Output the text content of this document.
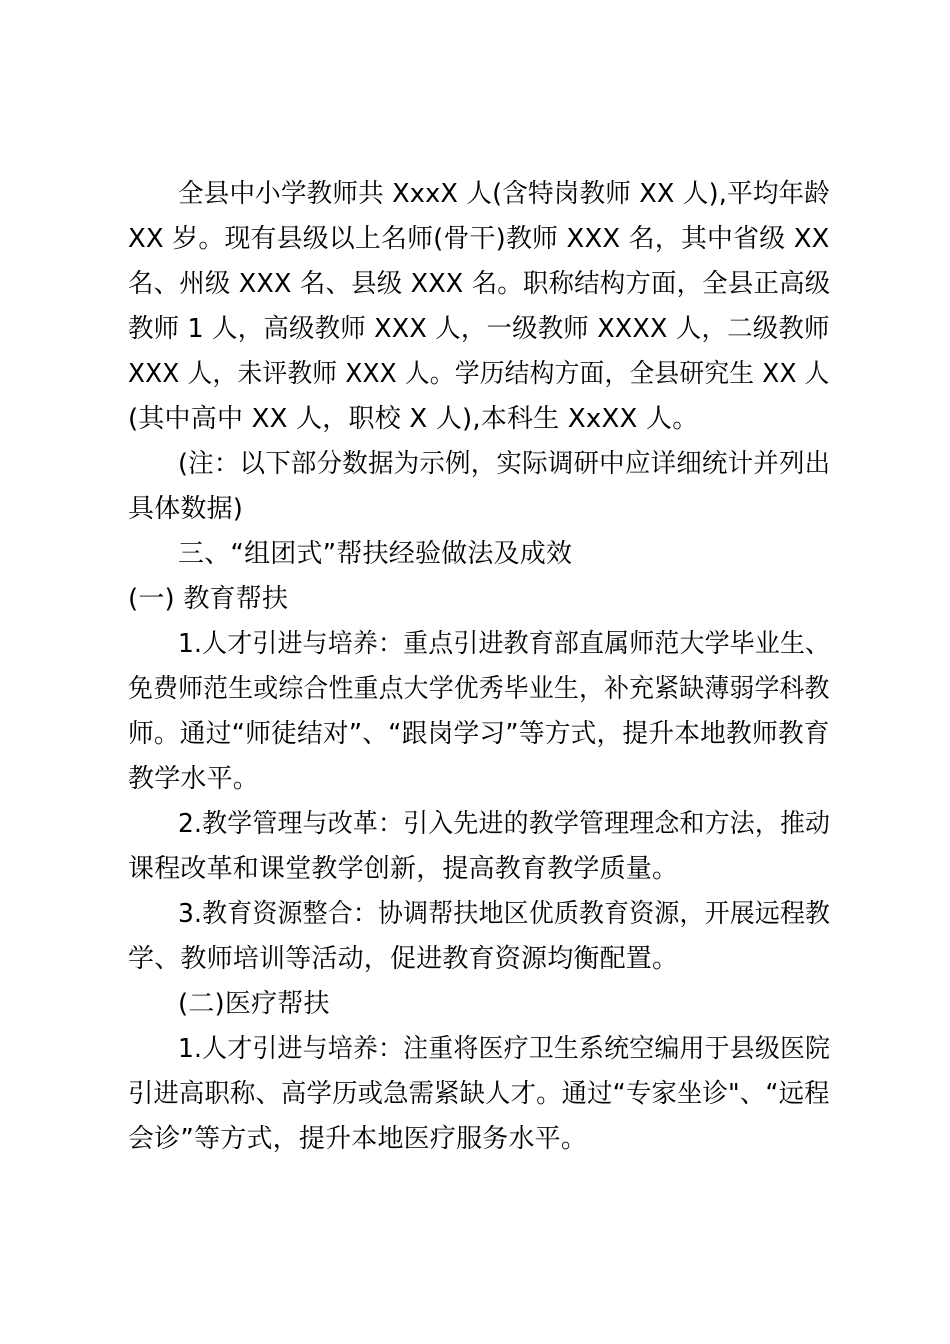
全县中小学教师共 XxxX 人(含特岗教师 XX 人),平均年龄
XX 岁。现有县级以上名师(骨干)教师 XXX 名，其中省级 XX
名、州级 XXX 名、县级 XXX 名。职称结构方面，全县正高级
教师 1 人，高级教师 XXX 人，一级教师 XXXX 人，二级教师
XXX 人，未评教师 XXX 人。学历结构方面，全县研究生 XX 人
(其中高中 XX 人，职校 X 人),本科生 XxXX 人。
(注：以下部分数据为示例，实际调研中应详细统计并列出
具体数据)
三、“组团式”帮扶经验做法及成效
(一) 教育帮扶
1.人才引进与培养：重点引进教育部直属师范大学毕业生、
免费师范生或综合性重点大学优秀毕业生，补充紧缺薄弱学科教
师。通过“师徒结对”、“跟岗学习”等方式，提升本地教师教育
教学水平。
2.教学管理与改革：引入先进的教学管理理念和方法，推动
课程改革和课堂教学创新，提高教育教学质量。
3.教育资源整合：协调帮扶地区优质教育资源，开展远程教
学、教师培训等活动，促进教育资源均衡配置。
(二)医疗帮扶
1.人才引进与培养：注重将医疗卫生系统空编用于县级医院
引进高职称、高学历或急需紧缺人才。通过“专家坐诊"、“远程
会诊”等方式，提升本地医疗服务水平。
